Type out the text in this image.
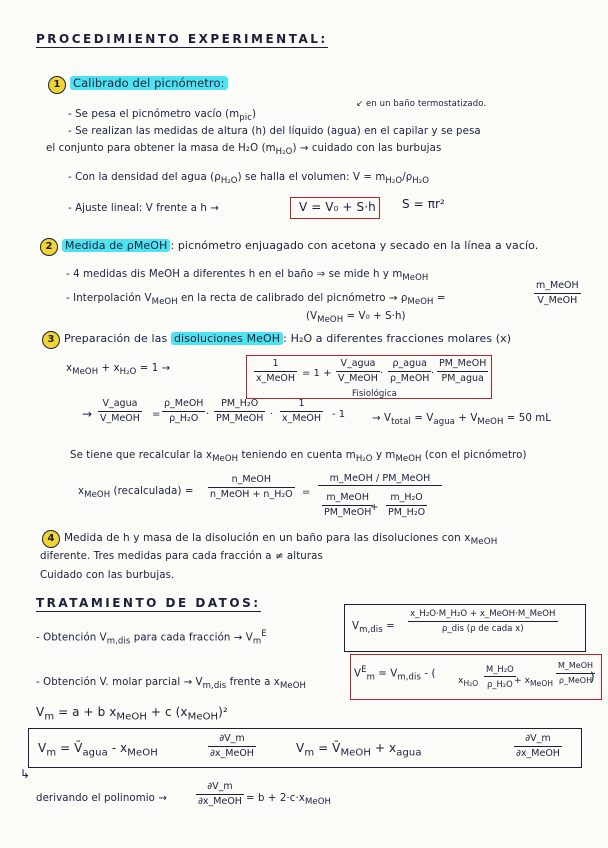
PROCEDIMIENTO EXPERIMENTAL:
1 Calibrado del picnómetro:
↙ en un baño termostatizado.
- Se pesa el picnómetro vacío $(m_{pic})$
- Se realizan las medidas de altura (h) del líquido (agua) en el capilar y se pesa
el conjunto para obtener la masa de H₂O $(m_{H_2O})$ → cuidado con las burbujas
- Con la densidad del agua $(\rho_{H_2O})$ se halla el volumen: $V = m_{H_2O}/\rho_{H_2O}$
- Ajuste lineal: V frente a h →	V = V₀ + S·h S = πr²
2 Medida de ρMeOH : picnómetro enjuagado con acetona y secado en la línea a vacío.
- 4 medidas dis MeOH a diferentes h en el baño ⇒ se mide h y $m_{MeOH}$
- Interpolación $V_{MeOH}$ en la recta de calibrado del picnómetro → $\rho_{MeOH}$ =
m_MeOH
V_MeOH
$(V_{MeOH} = V_0 + S\cdot h)$
3 Preparación de las disoluciones MeOH : H₂O a diferentes fracciones molares (x)
$x_{MeOH} + x_{H_2O} = 1$ →	1
x_MeOH = 1 +
V_agua
V_MeOH ·
ρ_agua
ρ_MeOH ·
PM_MeOH
PM_agua
→
V_agua
V_MeOH =
ρ_MeOH
ρ_H₂O ·
PM_H₂O
PM_MeOH ·
1
x_MeOH - 1
Fisiológica
→ $V_{total} = V_{agua} + V_{MeOH} = 50$ mL
Se tiene que recalcular la $x_{MeOH}$ teniendo en cuenta $m_{H_2O}$ y $m_{MeOH}$ (con el picnómetro)
$x_{MeOH}$ (recalculada) =
n_MeOH
n_MeOH + n_H₂O =
m_MeOH / PM_MeOH
m_MeOH
PM_MeOH
+ $\frac{\text{m\_H₂O}}{\text{PM\_H₂O}}$
4 Medida de h y masa de la disolución en un baño para las disoluciones con $x_{MeOH}$
diferente. Tres medidas para cada fracción a ≠ alturas
Cuidado con las burbujas.
TRATAMIENTO DE DATOS:
- Obtención $V_{m,dis}$ para cada fracción → $V_m^E$
$V_{m,dis}$ =
x_H₂O·M_H₂O + x_MeOH·M_MeOH
ρ_dis (ρ de cada x)
$V^E_m = V_{m,dis}$ - (
$x_{H_2O} \frac{\text{M\_H₂O}}{\text{ρ\_H₂O}}$
+ $x_{MeOH}$
M_MeOH
ρ_MeOH
)
- Obtención V. molar parcial → $V_{m,dis}$ frente a $x_{MeOH}$
$V_m = a + b$ $x_{MeOH} + c$ $(x_{MeOH})^2$
$V_m$ = $V̄_{agua} - x_{MeOH}$
∂V_m
∂x_MeOH	$V_m$ = $V̄_{MeOH} + x_{agua}$
∂V_m
∂x_MeOH
↳
derivando el polinomio →
∂V_m
∂x_MeOH = $b + 2\cdot c\cdot x_{MeOH}$
